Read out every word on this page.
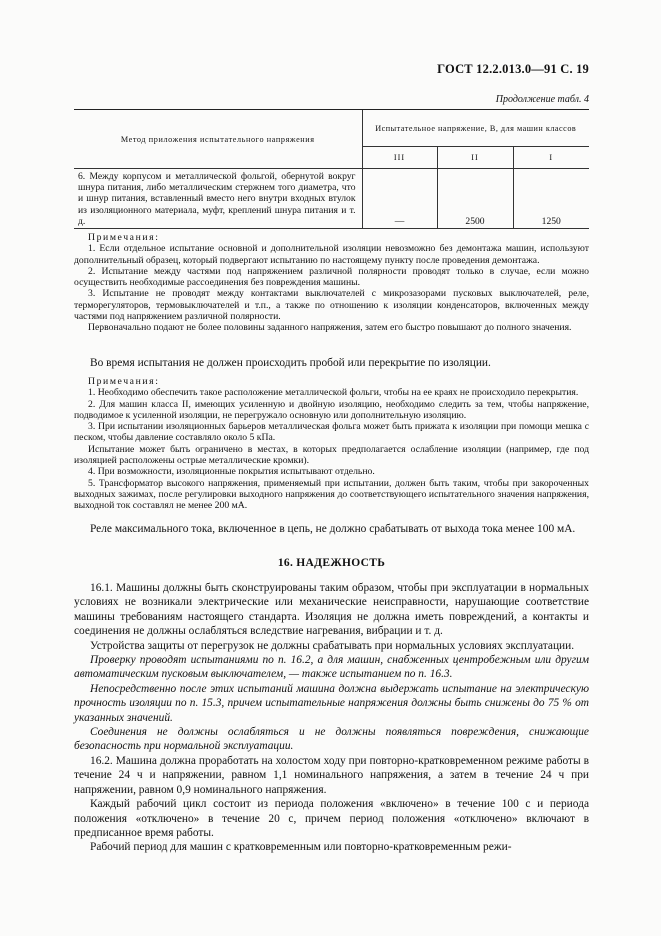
ГОСТ 12.2.013.0—91 С. 19
Продолжение табл. 4
Метод приложения испытательного напряжения	Испытательное напряжение, В, для машин классов		
	III	II	I
6. Между корпусом и металлической фольгой, обернутой вокруг шнура питания, либо металлическим стержнем того диаметра, что и шнур питания, вставленный вместо него внутри входных втулок из изоляционного материала, муфт, креплений шнура питания и т. д.	—	2500	1250

Примечания:

1. Если отдельное испытание основной и дополнительной изоляции невозможно без демонтажа машин, используют дополнительный образец, который подвергают испытанию по настоящему пункту после проведения демонтажа.

2. Испытание между частями под напряжением различной полярности проводят только в случае, если можно осуществить необходимые рассоединения без повреждения машины.

3. Испытание не проводят между контактами выключателей с микрозазорами пусковых выключателей, реле, терморегуляторов, термовыключателей и т.п., а также по отношению к изоляции конденсаторов, включенных между частями под напряжением различной полярности.

Первоначально подают не более половины заданного напряжения, затем его быстро повышают до полного значения.

Во время испытания не должен происходить пробой или перекрытие по изоляции.

Примечания:

1. Необходимо обеспечить такое расположение металлической фольги, чтобы на ее краях не происходило перекрытия.

2. Для машин класса II, имеющих усиленную и двойную изоляцию, необходимо следить за тем, чтобы напряжение, подводимое к усиленной изоляции, не перегружало основную или дополнительную изоляцию.

3. При испытании изоляционных барьеров металлическая фольга может быть прижата к изоляции при помощи мешка с песком, чтобы давление составляло около 5 кПа.

Испытание может быть ограничено в местах, в которых предполагается ослабление изоляции (например, где под изоляцией расположены острые металлические кромки).

4. При возможности, изоляционные покрытия испытывают отдельно.

5. Трансформатор высокого напряжения, применяемый при испытании, должен быть таким, чтобы при закороченных выходных зажимах, после регулировки выходного напряжения до соответствующего испытательного значения напряжения, выходной ток составлял не менее 200 мА.

Реле максимального тока, включенное в цепь, не должно срабатывать от выхода тока менее 100 мА.

16. НАДЕЖНОСТЬ

16.1. Машины должны быть сконструированы таким образом, чтобы при эксплуатации в нормальных условиях не возникали электрические или механические неисправности, нарушающие соответствие машины требованиям настоящего стандарта. Изоляция не должна иметь повреждений, а контакты и соединения не должны ослабляться вследствие нагревания, вибрации и т. д.

Устройства защиты от перегрузок не должны срабатывать при нормальных условиях эксплуатации.

Проверку проводят испытаниями по п. 16.2, а для машин, снабженных центробежным или другим автоматическим пусковым выключателем, — также испытанием по п. 16.3.

Непосредственно после этих испытаний машина должна выдержать испытание на электрическую прочность изоляции по п. 15.3, причем испытательные напряжения должны быть снижены до 75 % от указанных значений.

Соединения не должны ослабляться и не должны появляться повреждения, снижающие безопасность при нормальной эксплуатации.

16.2. Машина должна проработать на холостом ходу при повторно-кратковременном режиме работы в течение 24 ч и напряжении, равном 1,1 номинального напряжения, а затем в течение 24 ч при напряжении, равном 0,9 номинального напряжения.

Каждый рабочий цикл состоит из периода положения «включено» в течение 100 с и периода положения «отключено» в течение 20 с, причем период положения «отключено» включают в предписанное время работы.

Рабочий период для машин с кратковременным или повторно-кратковременным режи-
